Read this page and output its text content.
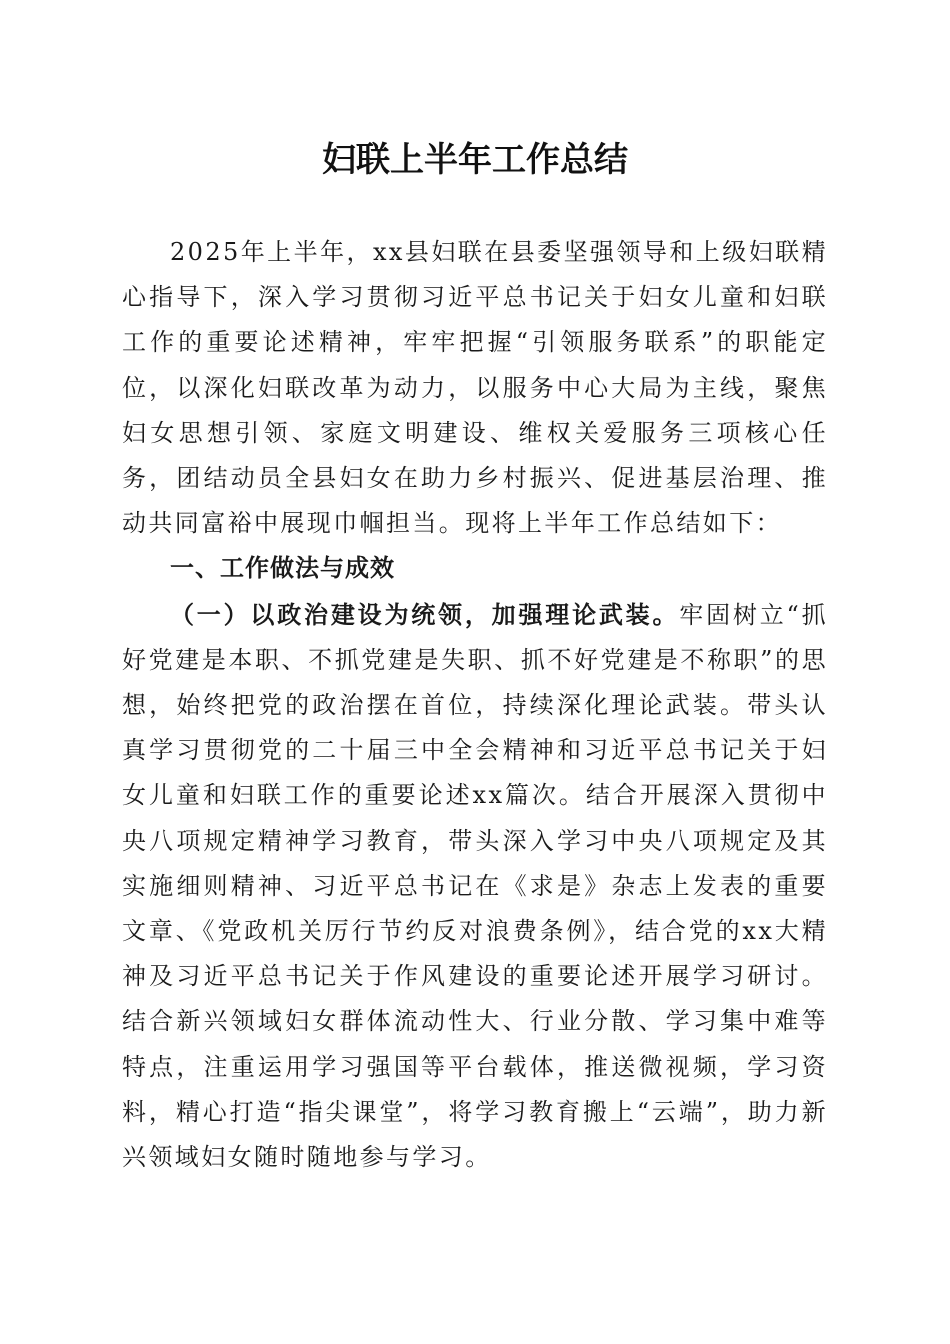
妇联上半年工作总结

2025年上半年，xx县妇联在县委坚强领导和上级妇联精心指导下，深入学习贯彻习近平总书记关于妇女儿童和妇联工作的重要论述精神，牢牢把握“引领服务联系”的职能定位，以深化妇联改革为动力，以服务中心大局为主线，聚焦妇女思想引领、家庭文明建设、维权关爱服务三项核心任务，团结动员全县妇女在助力乡村振兴、促进基层治理、推动共同富裕中展现巾帼担当。现将上半年工作总结如下：

一、工作做法与成效

（一）以政治建设为统领，加强理论武装。牢固树立“抓好党建是本职、不抓党建是失职、抓不好党建是不称职”的思想，始终把党的政治摆在首位，持续深化理论武装。带头认真学习贯彻党的二十届三中全会精神和习近平总书记关于妇女儿童和妇联工作的重要论述xx篇次。结合开展深入贯彻中央八项规定精神学习教育，带头深入学习中央八项规定及其实施细则精神、习近平总书记在《求是》杂志上发表的重要文章、《党政机关厉行节约反对浪费条例》，结合党的xx大精神及习近平总书记关于作风建设的重要论述开展学习研讨。结合新兴领域妇女群体流动性大、行业分散、学习集中难等特点，注重运用学习强国等平台载体，推送微视频，学习资料，精心打造“指尖课堂”，将学习教育搬上“云端”，助力新兴领域妇女随时随地参与学习。
